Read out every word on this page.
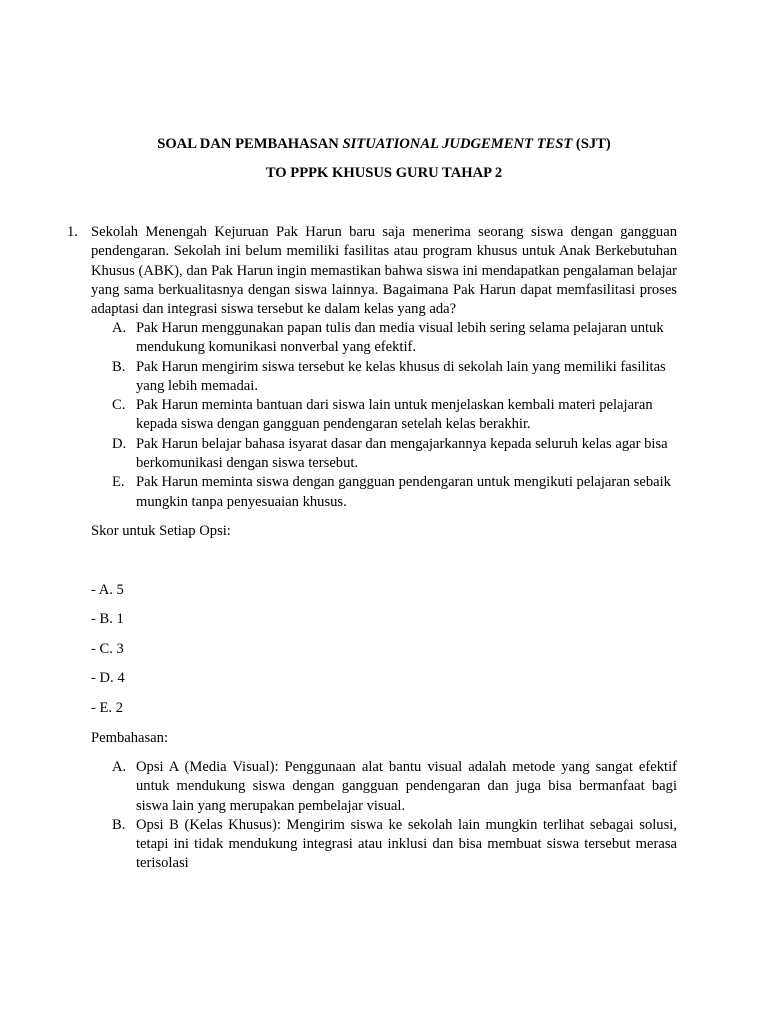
SOAL DAN PEMBAHASAN SITUATIONAL JUDGEMENT TEST (SJT)
TO PPPK KHUSUS GURU TAHAP 2
1. Sekolah Menengah Kejuruan Pak Harun baru saja menerima seorang siswa dengan gangguan pendengaran. Sekolah ini belum memiliki fasilitas atau program khusus untuk Anak Berkebutuhan Khusus (ABK), dan Pak Harun ingin memastikan bahwa siswa ini mendapatkan pengalaman belajar yang sama berkualitasnya dengan siswa lainnya. Bagaimana Pak Harun dapat memfasilitasi proses adaptasi dan integrasi siswa tersebut ke dalam kelas yang ada?
A. Pak Harun menggunakan papan tulis dan media visual lebih sering selama pelajaran untuk mendukung komunikasi nonverbal yang efektif.
B. Pak Harun mengirim siswa tersebut ke kelas khusus di sekolah lain yang memiliki fasilitas yang lebih memadai.
C. Pak Harun meminta bantuan dari siswa lain untuk menjelaskan kembali materi pelajaran kepada siswa dengan gangguan pendengaran setelah kelas berakhir.
D. Pak Harun belajar bahasa isyarat dasar dan mengajarkannya kepada seluruh kelas agar bisa berkomunikasi dengan siswa tersebut.
E. Pak Harun meminta siswa dengan gangguan pendengaran untuk mengikuti pelajaran sebaik mungkin tanpa penyesuaian khusus.
Skor untuk Setiap Opsi:
- A. 5
- B. 1
- C. 3
- D. 4
- E. 2
Pembahasan:
A. Opsi A (Media Visual): Penggunaan alat bantu visual adalah metode yang sangat efektif untuk mendukung siswa dengan gangguan pendengaran dan juga bisa bermanfaat bagi siswa lain yang merupakan pembelajar visual.
B. Opsi B (Kelas Khusus): Mengirim siswa ke sekolah lain mungkin terlihat sebagai solusi, tetapi ini tidak mendukung integrasi atau inklusi dan bisa membuat siswa tersebut merasa terisolasi
